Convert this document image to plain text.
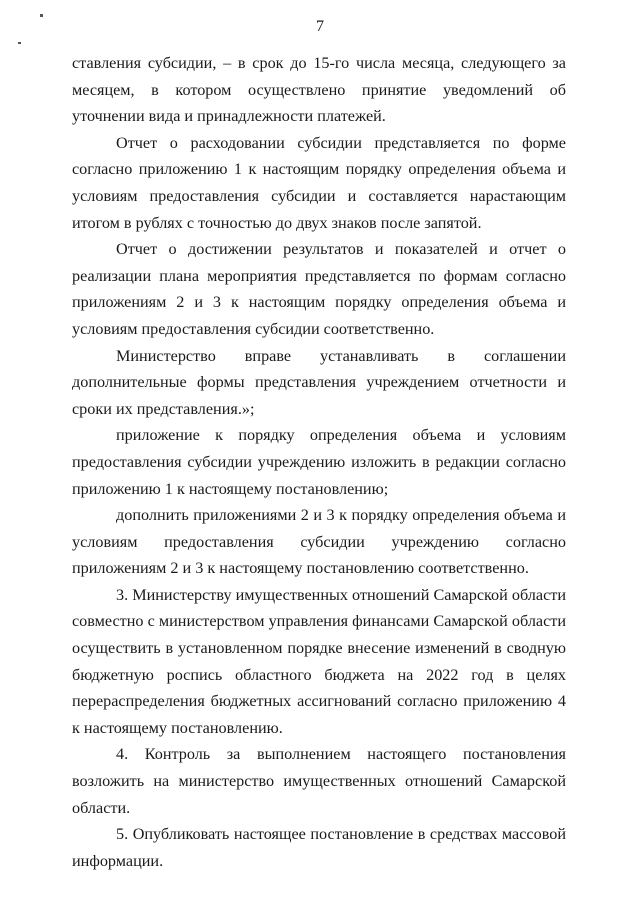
7

ставления субсидии, – в срок до 15-го числа месяца, следующего за месяцем, в котором осуществлено принятие уведомлений об уточнении вида и принадлежности платежей.

Отчет о расходовании субсидии представляется по форме согласно приложению 1 к настоящим порядку определения объема и условиям предоставления субсидии и составляется нарастающим итогом в рублях с точностью до двух знаков после запятой.

Отчет о достижении результатов и показателей и отчет о реализации плана мероприятия представляется по формам согласно приложениям 2 и 3 к настоящим порядку определения объема и условиям предоставления субсидии соответственно.

Министерство вправе устанавливать в соглашении дополнительные формы представления учреждением отчетности и сроки их представления.»;

приложение к порядку определения объема и условиям предоставления субсидии учреждению изложить в редакции согласно приложению 1 к настоящему постановлению;

дополнить приложениями 2 и 3 к порядку определения объема и условиям предоставления субсидии учреждению согласно приложениям 2 и 3 к настоящему постановлению соответственно.

3. Министерству имущественных отношений Самарской области совместно с министерством управления финансами Самарской области осуществить в установленном порядке внесение изменений в сводную бюджетную роспись областного бюджета на 2022 год в целях перераспределения бюджетных ассигнований согласно приложению 4 к настоящему постановлению.

4. Контроль за выполнением настоящего постановления возложить на министерство имущественных отношений Самарской области.

5. Опубликовать настоящее постановление в средствах массовой информации.
